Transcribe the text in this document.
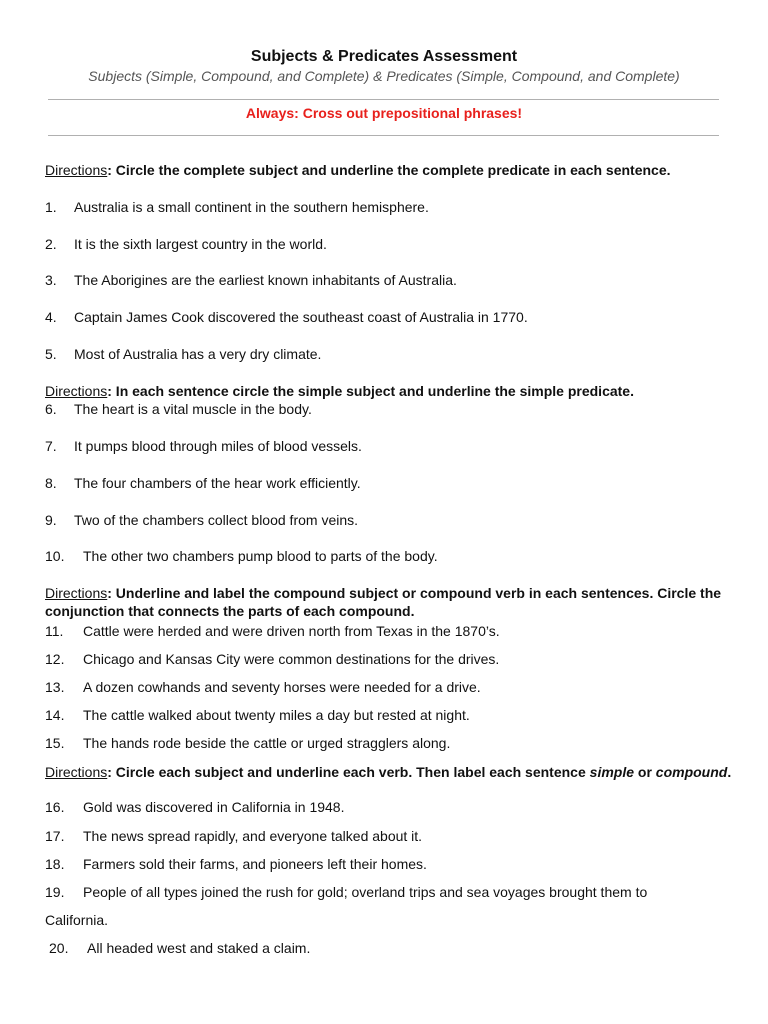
Subjects & Predicates Assessment
Subjects (Simple, Compound, and Complete) & Predicates (Simple, Compound, and Complete)
Always: Cross out prepositional phrases!
Directions: Circle the complete subject and underline the complete predicate in each sentence.
1. Australia is a small continent in the southern hemisphere.
2. It is the sixth largest country in the world.
3. The Aborigines are the earliest known inhabitants of Australia.
4. Captain James Cook discovered the southeast coast of Australia in 1770.
5. Most of Australia has a very dry climate.
Directions: In each sentence circle the simple subject and underline the simple predicate.
6. The heart is a vital muscle in the body.
7. It pumps blood through miles of blood vessels.
8. The four chambers of the hear work efficiently.
9. Two of the chambers collect blood from veins.
10. The other two chambers pump blood to parts of the body.
Directions: Underline and label the compound subject or compound verb in each sentences. Circle the conjunction that connects the parts of each compound.
11. Cattle were herded and were driven north from Texas in the 1870’s.
12. Chicago and Kansas City were common destinations for the drives.
13. A dozen cowhands and seventy horses were needed for a drive.
14. The cattle walked about twenty miles a day but rested at night.
15. The hands rode beside the cattle or urged stragglers along.
Directions: Circle each subject and underline each verb. Then label each sentence simple or compound.
16. Gold was discovered in California in 1948.
17. The news spread rapidly, and everyone talked about it.
18. Farmers sold their farms, and pioneers left their homes.
19. People of all types joined the rush for gold; overland trips and sea voyages brought them to
California.
20. All headed west and staked a claim.
